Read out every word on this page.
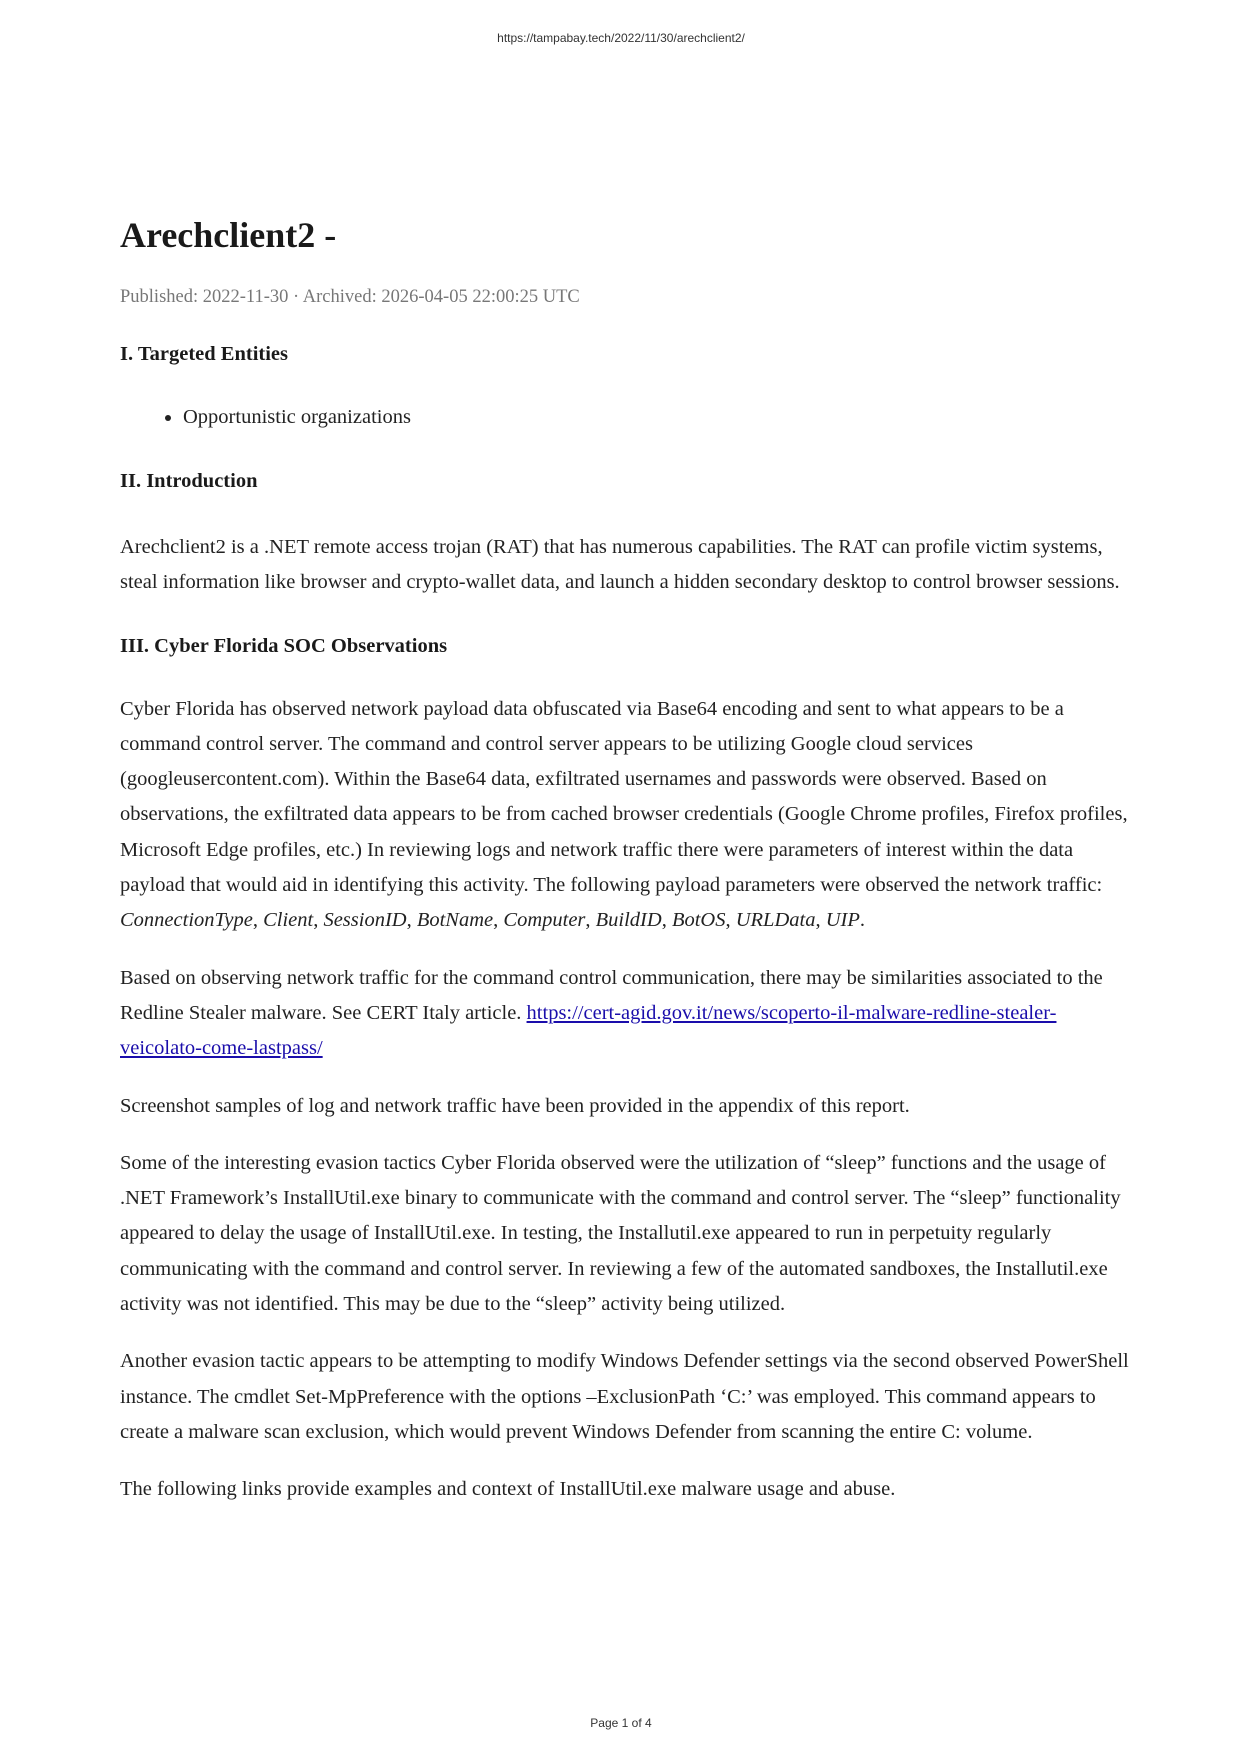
https://tampabay.tech/2022/11/30/arechclient2/
Arechclient2 -
Published: 2022-11-30 · Archived: 2026-04-05 22:00:25 UTC
I. Targeted Entities
• Opportunistic organizations
II. Introduction

Arechclient2 is a .NET remote access trojan (RAT) that has numerous capabilities. The RAT can profile victim systems, steal information like browser and crypto-wallet data, and launch a hidden secondary desktop to control browser sessions.

III. Cyber Florida SOC Observations

Cyber Florida has observed network payload data obfuscated via Base64 encoding and sent to what appears to be a command control server. The command and control server appears to be utilizing Google cloud services (googleusercontent.com). Within the Base64 data, exfiltrated usernames and passwords were observed. Based on observations, the exfiltrated data appears to be from cached browser credentials (Google Chrome profiles, Firefox profiles, Microsoft Edge profiles, etc.) In reviewing logs and network traffic there were parameters of interest within the data payload that would aid in identifying this activity. The following payload parameters were observed the network traffic: ConnectionType, Client, SessionID, BotName, Computer, BuildID, BotOS, URLData, UIP.

Based on observing network traffic for the command control communication, there may be similarities associated to the Redline Stealer malware. See CERT Italy article. https://cert-agid.gov.it/news/scoperto-il-malware-redline-stealer-veicolato-come-lastpass/

Screenshot samples of log and network traffic have been provided in the appendix of this report.

Some of the interesting evasion tactics Cyber Florida observed were the utilization of “sleep” functions and the usage of .NET Framework’s InstallUtil.exe binary to communicate with the command and control server. The “sleep” functionality appeared to delay the usage of InstallUtil.exe. In testing, the Installutil.exe appeared to run in perpetuity regularly communicating with the command and control server. In reviewing a few of the automated sandboxes, the Installutil.exe activity was not identified. This may be due to the “sleep” activity being utilized.

Another evasion tactic appears to be attempting to modify Windows Defender settings via the second observed PowerShell instance. The cmdlet Set-MpPreference with the options –ExclusionPath ‘C:’ was employed. This command appears to create a malware scan exclusion, which would prevent Windows Defender from scanning the entire C: volume.

The following links provide examples and context of InstallUtil.exe malware usage and abuse.

Page 1 of 4
